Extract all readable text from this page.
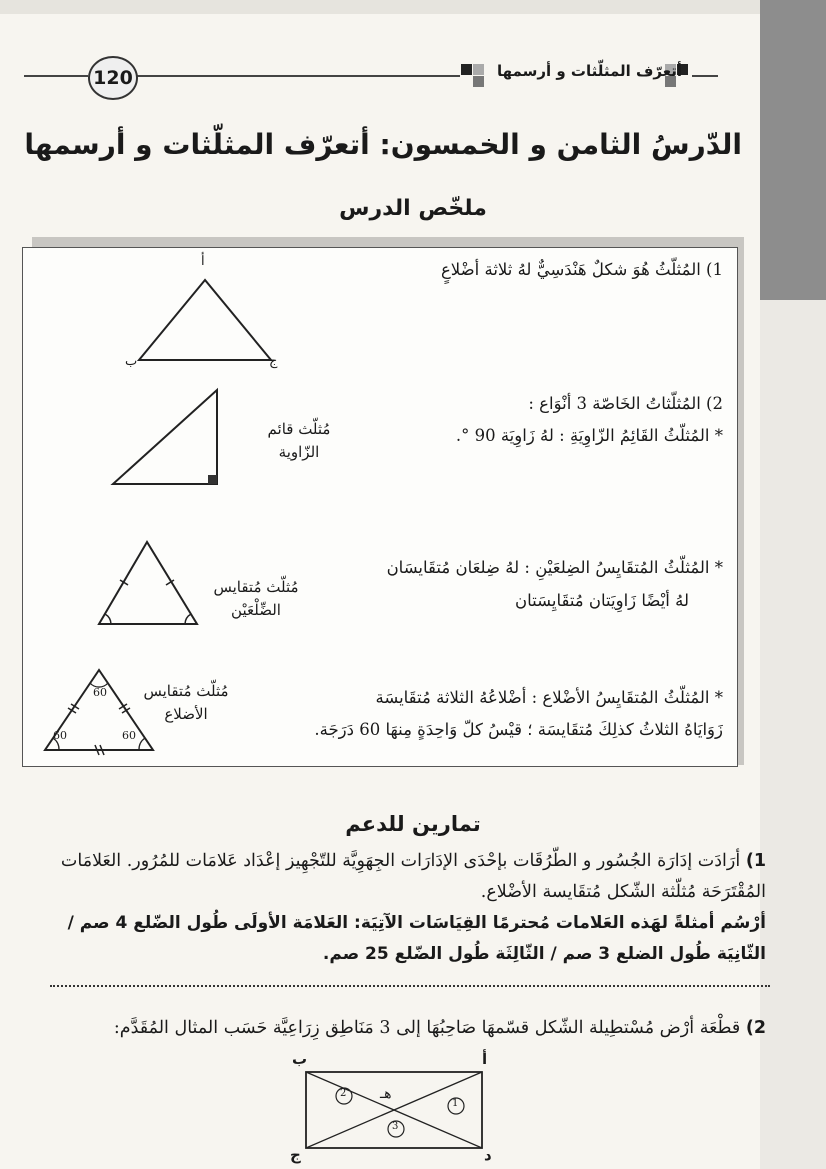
120	أتعرّف المثلّثات و أرسمها
الدّرسُ الثامن و الخمسون: أتعرّف المثلّثات و أرسمها
ملخّص الدرس
1) المُثلّثُ هُوَ شكلٌ هَنْدَسِيٌّ لهُ ثلاثة أضْلاعٍ
2) المُثلّثاتُ الخَاصّة 3 أنْوَاع :
* المُثلّثُ القَائِمُ الزّاوِيَةِ : لهُ زَاوِيَة 90 °.
* المُثلّثُ المُتقَايِسُ الضِلعَيْنِ : لهُ ضِلعَان مُتقَايسَان
لهُ أيْضًا زَاوِيَتان مُتقَايِسَتان
* المُثلّثُ المُتقَايِسُ الأضْلاع : أضْلاعُهُ الثلاثة مُتقَايسَة
زَوَايَاهُ الثلاثُ كذلِكَ مُتقَايسَة ؛ قيْسُ كلّ وَاحِدَةٍ مِنهَا 60 دَرَجَة.
مُثلّث قائم الزّاوية
مُثلّث مُتقايس الضِّلْعَيْن
مُثلّث مُتقايس الأضلاع
أ
ب	ج
60
60	60
تمارين للدعم
1) أرَادَت إدَارَة الجُسُور و الطّرُقَات بإحْدَى الإدَارَات الجِهَوِيَّة للتّجْهِيز إعْدَاد عَلامَات للمُرُور. العَلامَات المُقْتَرَحَة مُثلّثة الشّكل مُتقَايسة الأضْلاع.
أرْسُم أمثلةً لهَذه العَلامات مُحترمًا القِيَاسَات الآتِيَة: العَلامَة الأولَى طُول الضّلع 4 صم / الثّانِيَة طُول الضلع 3 صم / الثّالِثَة طُول الضّلع 25 صم.
2) قطْعَة أرْض مُسْتطِيلة الشّكل قسّمهَا صَاحِبُهَا إلى 3 مَنَاطِق زِرَاعِيَّة حَسَب المثال المُقَدَّم:
2
1
3
هـ
أ
ب
ج	د
